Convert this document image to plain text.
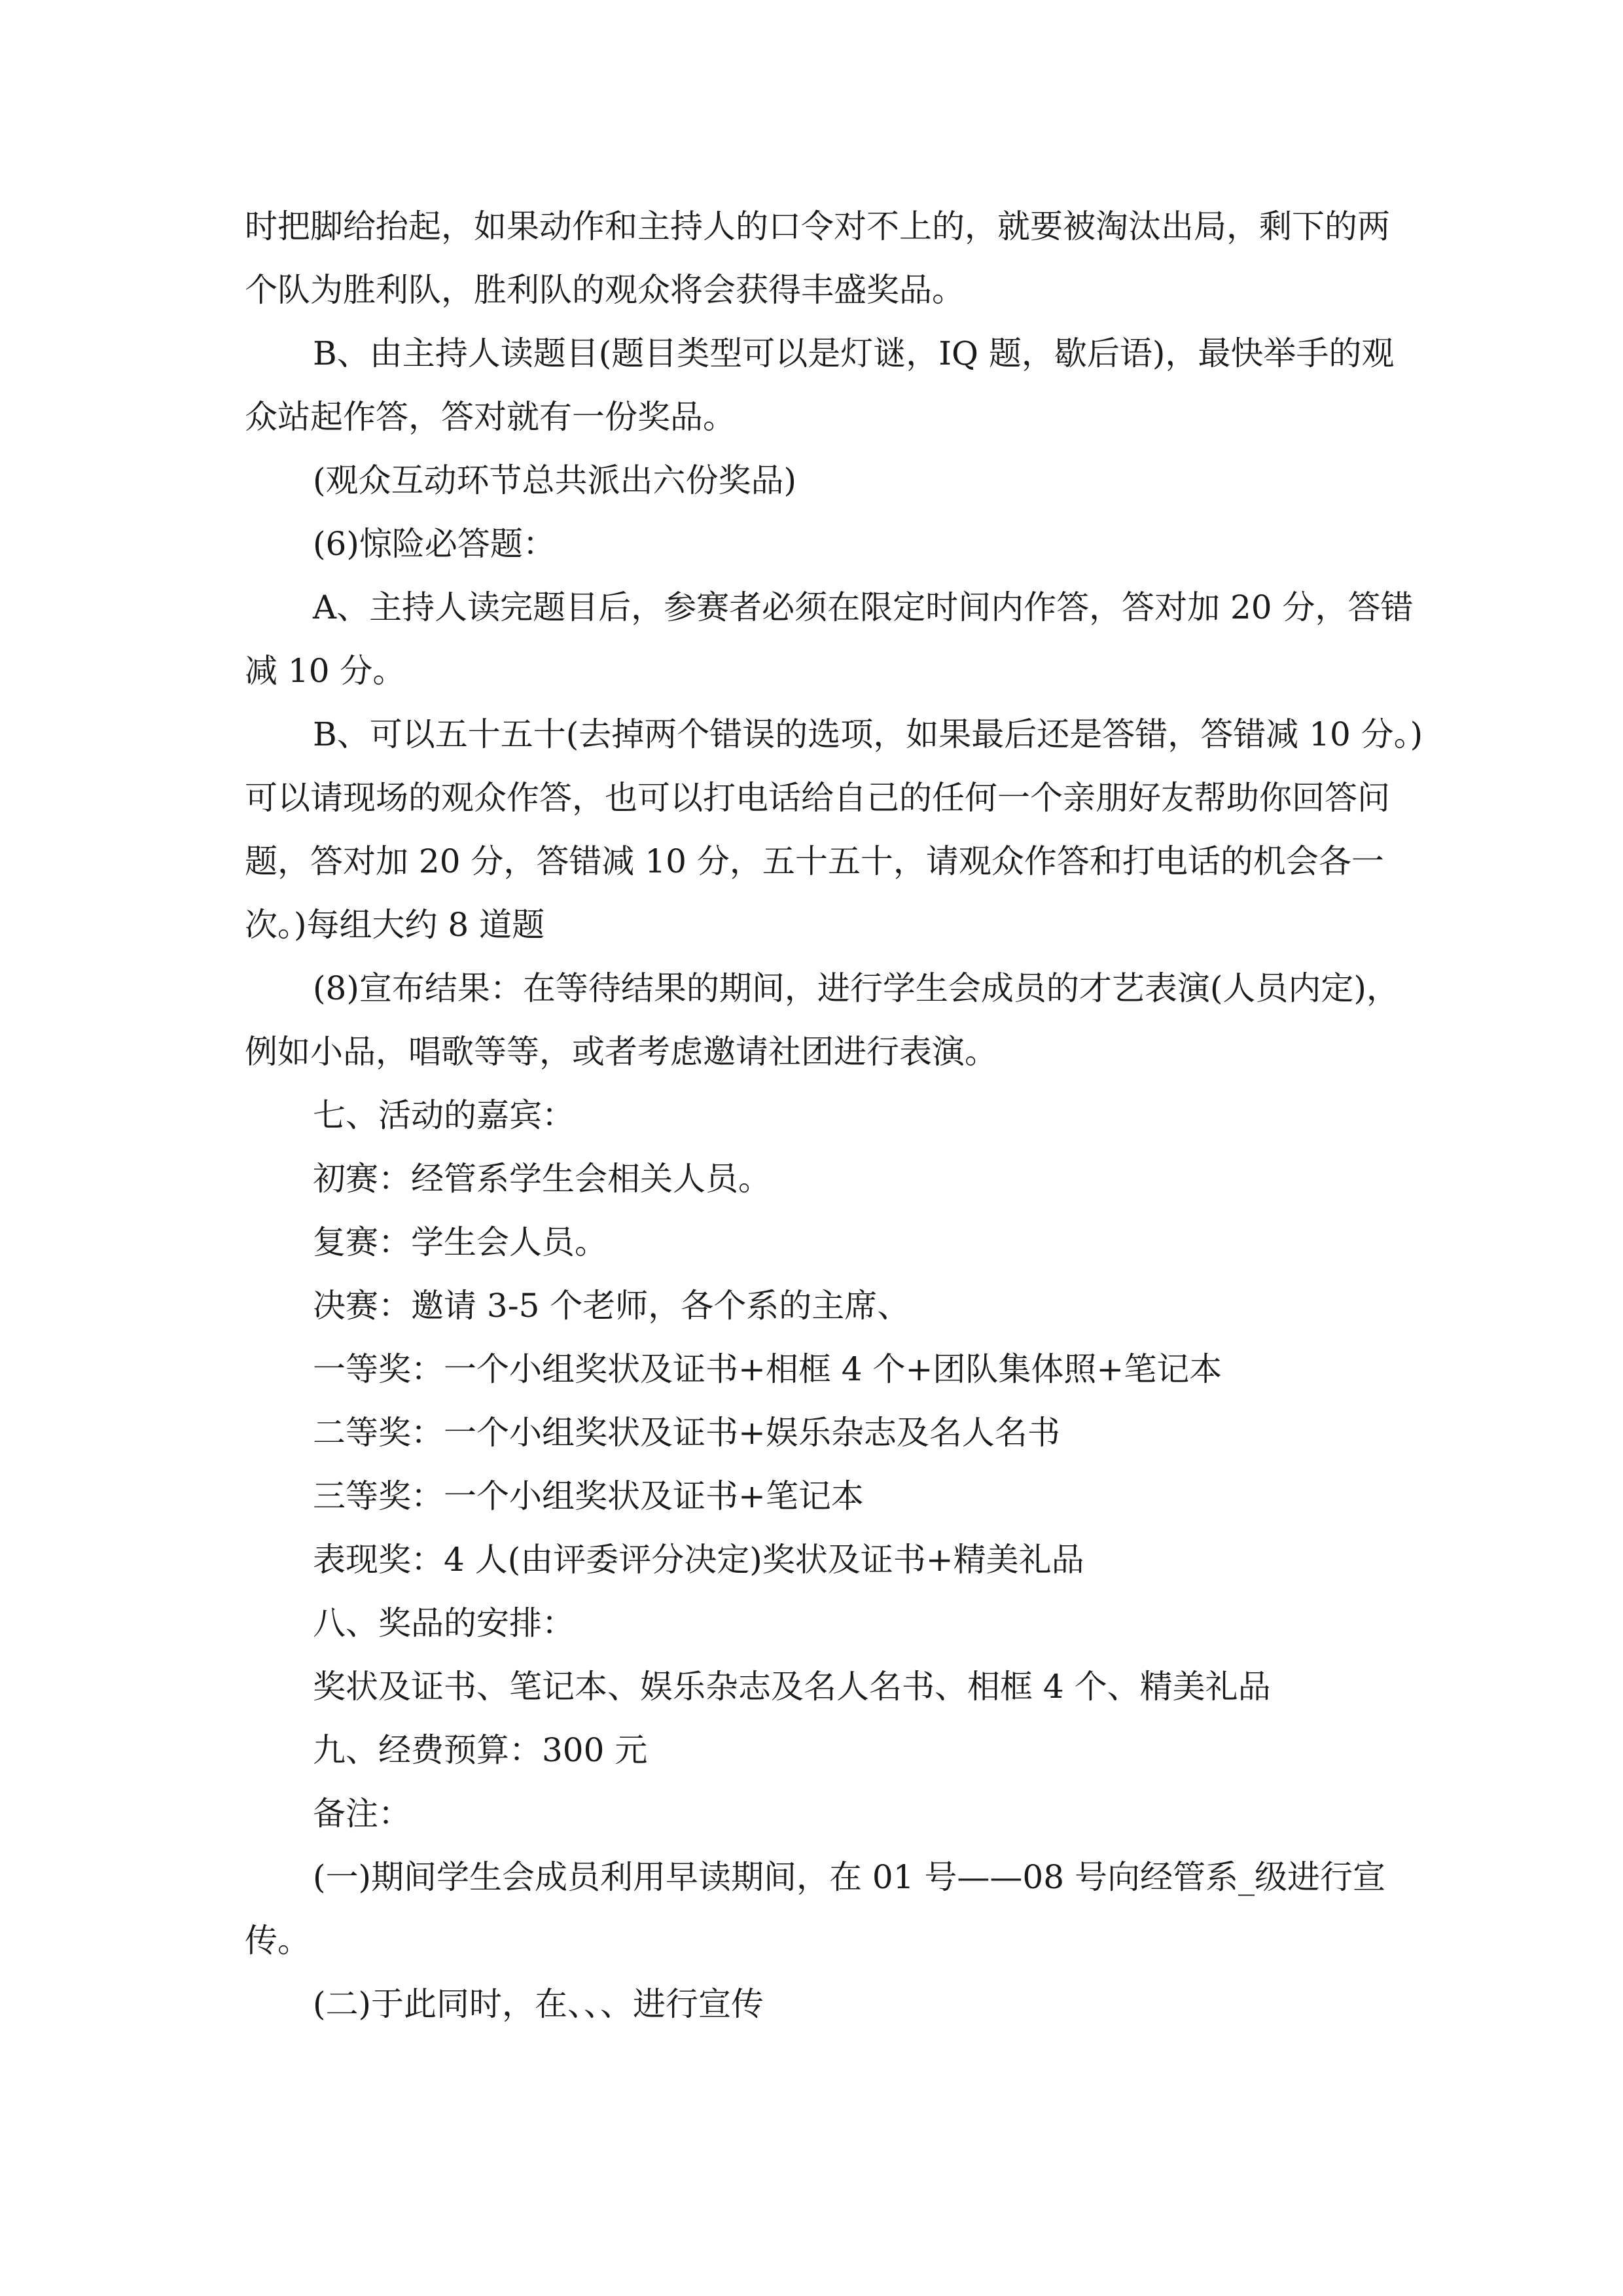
时把脚给抬起，如果动作和主持人的口令对不上的，就要被淘汰出局，剩下的两

个队为胜利队，胜利队的观众将会获得丰盛奖品。

B、由主持人读题目(题目类型可以是灯谜，IQ 题，歇后语)，最快举手的观

众站起作答，答对就有一份奖品。

(观众互动环节总共派出六份奖品)

(6)惊险必答题：

A、主持人读完题目后，参赛者必须在限定时间内作答，答对加 20 分，答错

减 10 分。

B、可以五十五十(去掉两个错误的选项，如果最后还是答错，答错减 10 分。)

可以请现场的观众作答，也可以打电话给自己的任何一个亲朋好友帮助你回答问

题，答对加 20 分，答错减 10 分，五十五十，请观众作答和打电话的机会各一

次。)每组大约 8 道题

(8)宣布结果：在等待结果的期间，进行学生会成员的才艺表演(人员内定)，

例如小品，唱歌等等，或者考虑邀请社团进行表演。

七、活动的嘉宾：

初赛：经管系学生会相关人员。

复赛：学生会人员。

决赛：邀请 3-5 个老师，各个系的主席、

一等奖：一个小组奖状及证书+相框 4 个+团队集体照+笔记本

二等奖：一个小组奖状及证书+娱乐杂志及名人名书

三等奖：一个小组奖状及证书+笔记本

表现奖：4 人(由评委评分决定)奖状及证书+精美礼品

八、奖品的安排：

奖状及证书、笔记本、娱乐杂志及名人名书、相框 4 个、精美礼品

九、经费预算：300 元

备注：

(一)期间学生会成员利用早读期间，在 01 号——08 号向经管系_级进行宣

传。

(二)于此同时，在、、、进行宣传
